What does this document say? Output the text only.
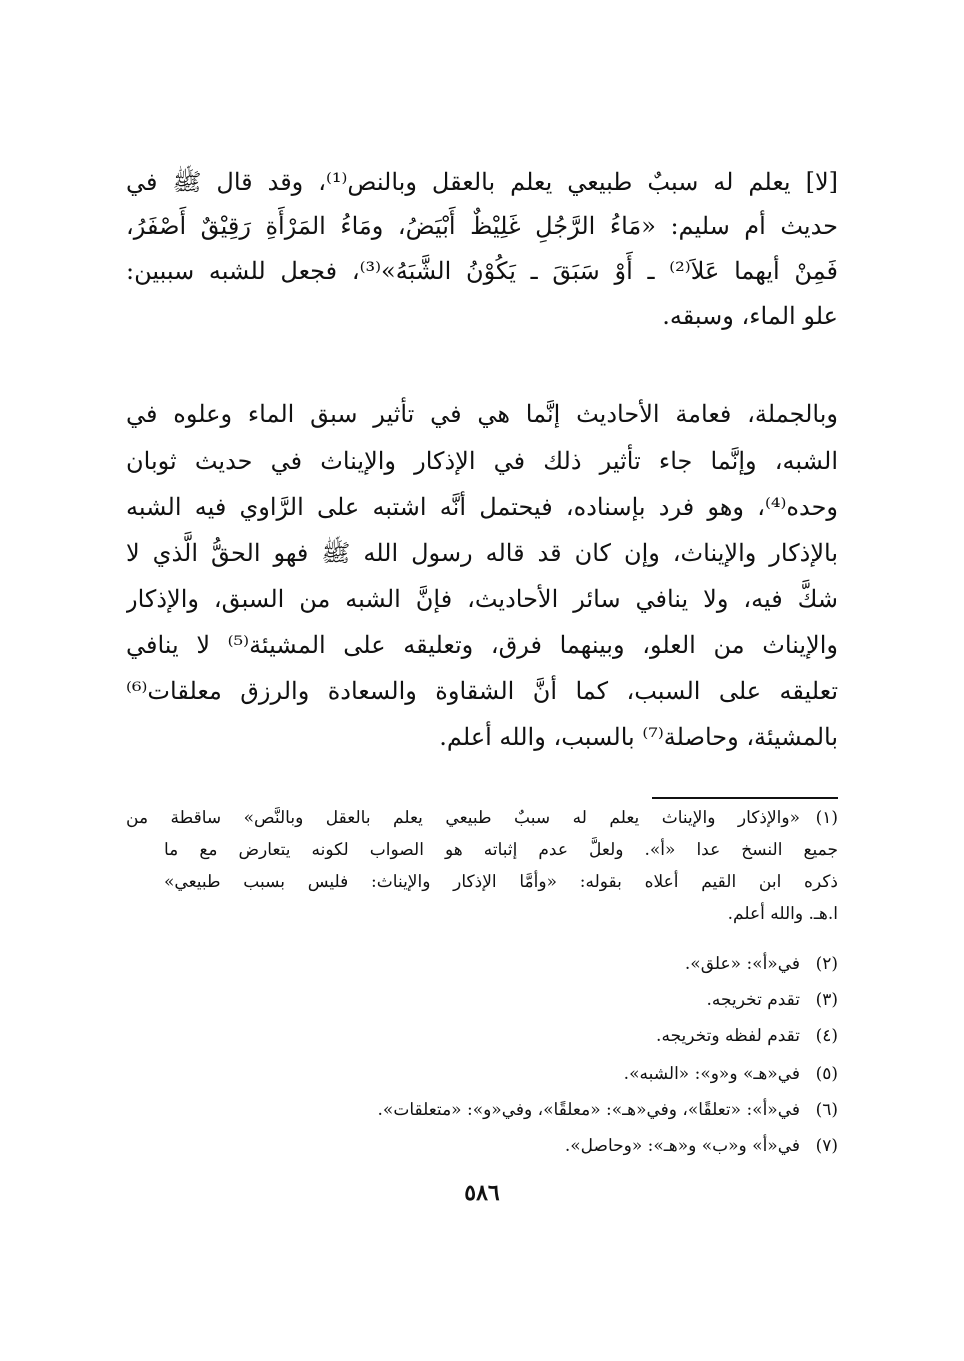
[لا] يعلم له سببٌ طبيعي يعلم بالعقل وبالنص⁽¹⁾، وقد قال ﷺ في
حديث أم سليم: «مَاءُ الرَّجُلِ غَلِيْظٌ أَبْيَضُ، ومَاءُ المَرْأَةِ رَقِيْقٌ أَصْفَرُ،
فَمِنْ أيهما عَلاَ⁽²⁾ ـ أَوْ سَبَقَ ـ يَكُوْنُ الشَّبَهُ»⁽³⁾، فجعل للشبه سببين:
علو الماء، وسبقه.
وبالجملة، فعامة الأحاديث إنَّما هي في تأثير سبق الماء وعلوه في
الشبه، وإنَّما جاء تأثير ذلك في الإذكار والإيناث في حديث ثوبان
وحده⁽⁴⁾، وهو فرد بإسناده، فيحتمل أنَّه اشتبه على الرَّاوي فيه الشبه
بالإذكار والإيناث، وإن كان قد قاله رسول الله ﷺ فهو الحقُّ الَّذي لا
شكَّ فيه، ولا ينافي سائر الأحاديث، فإنَّ الشبه من السبق، والإذكار
والإيناث من العلو، وبينهما فرق، وتعليقه على المشيئة⁽⁵⁾ لا ينافي
تعليقه على السبب، كما أنَّ الشقاوة والسعادة والرزق معلقات⁽⁶⁾
بالمشيئة، وحاصلة⁽⁷⁾ بالسبب، والله أعلم.
(١)«والإذكار والإيناث يعلم له سببٌ طبيعي يعلم بالعقل وبالنَّص» ساقطة من
جميع النسخ عدا «أ». ولعلَّ عدم إثباته هو الصواب لكونه يتعارض مع ما
ذكره ابن القيم أعلاه بقوله: «وأمَّا الإذكار والإيناث: فليس بسبب طبيعي»
ا.هـ. والله أعلم.
(٢)في«أ»: «علق».
(٣)تقدم تخريجه.
(٤)تقدم لفظه وتخريجه.
(٥)في«هـ» و«و»: «الشبه».
(٦)في«أ»: «تعلقًا»، وفي«هـ»: «معلقًا»، وفي«و»: «متعلقات».
(٧)في«أ» و«ب» و«هـ»: «وحاصل».
٥٨٦
